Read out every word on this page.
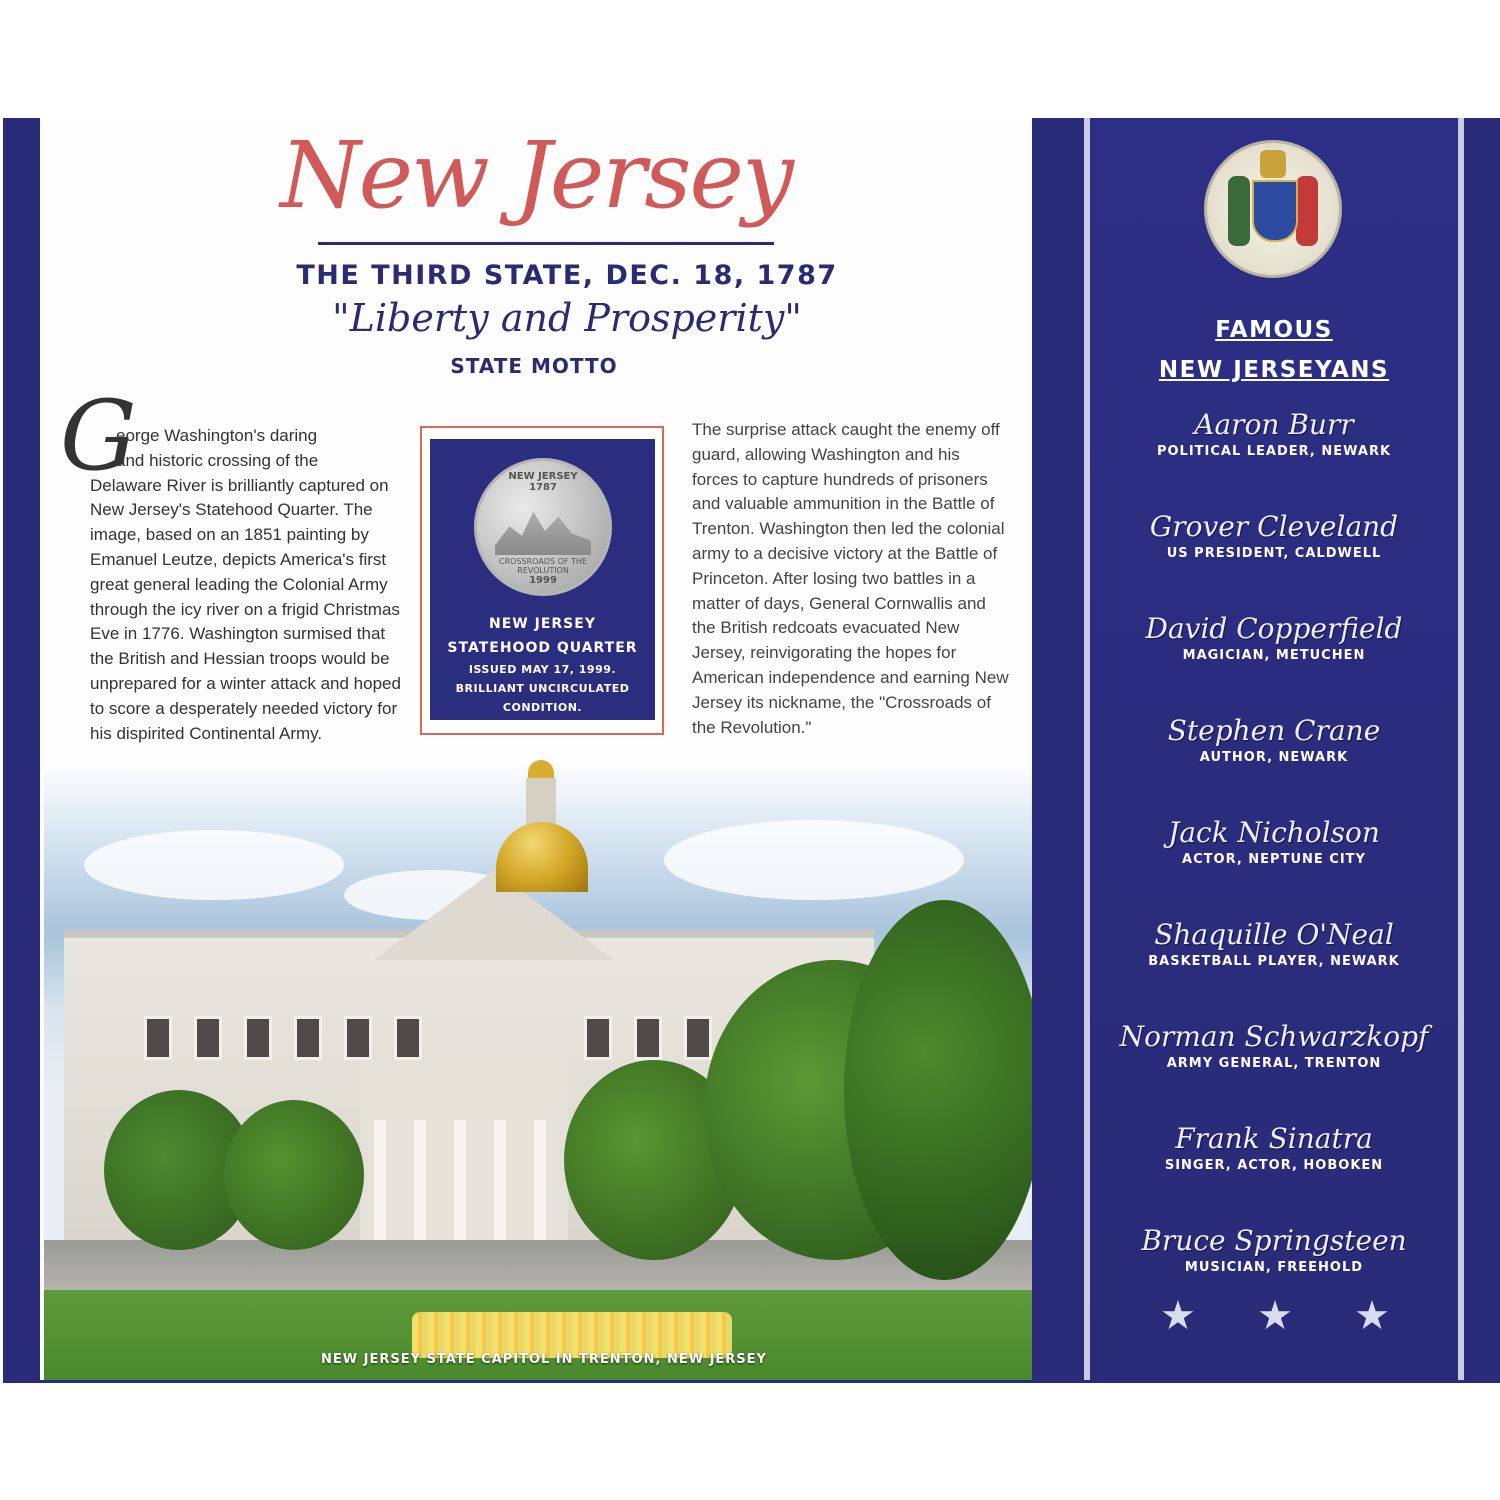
New Jersey
THE THIRD STATE, DEC. 18, 1787
"Liberty and Prosperity"
STATE MOTTO
G
eorge Washington's daring
and historic crossing of the
Delaware River is brilliantly captured on New Jersey's Statehood Quarter. The image, based on an 1851 painting by Emanuel Leutze, depicts America's first great general leading the Colonial Army through the icy river on a frigid Christmas Eve in 1776. Washington surmised that the British and Hessian troops would be unprepared for a winter attack and hoped to score a desperately needed victory for his dispirited Continental Army.
The surprise attack caught the enemy off guard, allowing Washington and his forces to capture hundreds of prisoners and valuable ammunition in the Battle of Trenton. Washington then led the colonial army to a decisive victory at the Battle of Princeton. After losing two battles in a matter of days, General Cornwallis and the British redcoats evacuated New Jersey, reinvigorating the hopes for American independence and earning New Jersey its nickname, the "Crossroads of the Revolution."
NEW JERSEY
1787
CROSSROADS OF THE REVOLUTION
1999
NEW JERSEY
STATEHOOD QUARTER
ISSUED MAY 17, 1999.
BRILLIANT UNCIRCULATED
CONDITION.
NEW JERSEY STATE CAPITOL IN TRENTON, NEW JERSEY
FAMOUS
NEW JERSEYANS
Aaron Burr
POLITICAL LEADER, NEWARK
Grover Cleveland
US PRESIDENT, CALDWELL
David Copperfield
MAGICIAN, METUCHEN
Stephen Crane
AUTHOR, NEWARK
Jack Nicholson
ACTOR, NEPTUNE CITY
Shaquille O'Neal
BASKETBALL PLAYER, NEWARK
Norman Schwarzkopf
ARMY GENERAL, TRENTON
Frank Sinatra
SINGER, ACTOR, HOBOKEN
Bruce Springsteen
MUSICIAN, FREEHOLD
★ ★ ★
